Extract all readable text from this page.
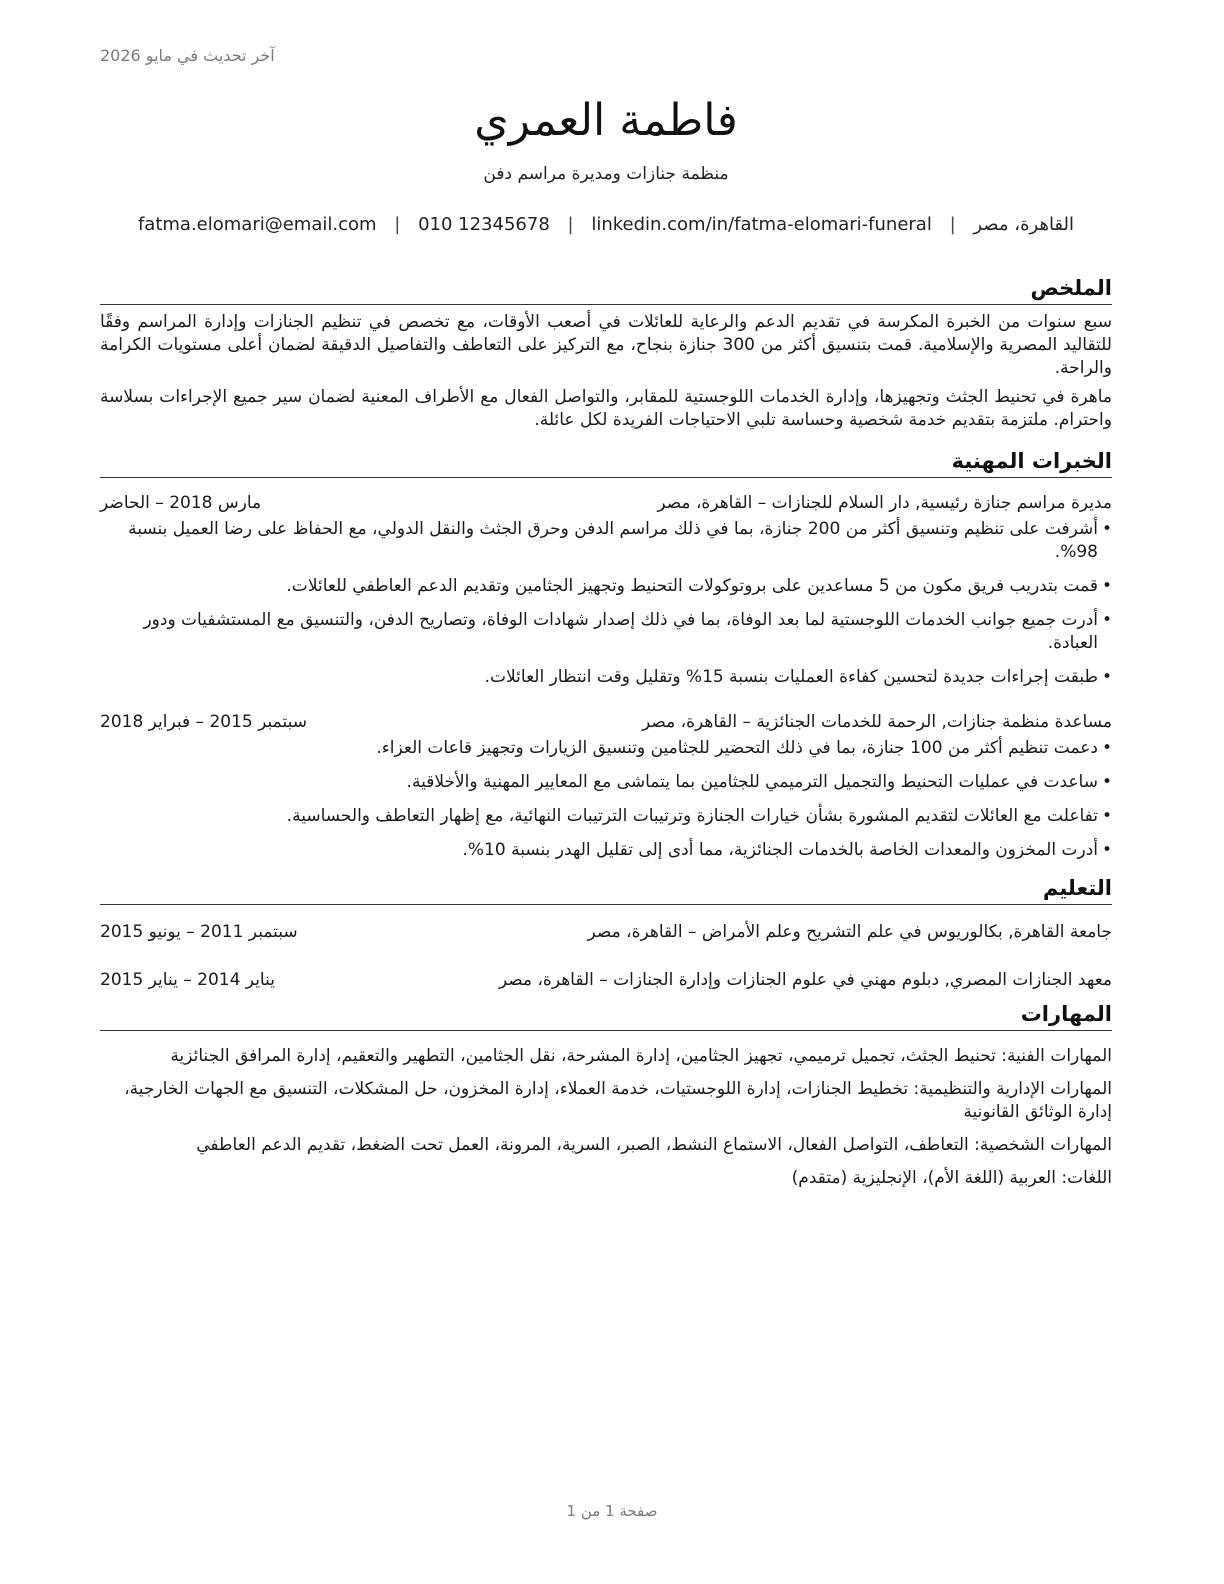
آخر تحديث في مايو 2026
فاطمة العمري
منظمة جنازات ومديرة مراسم دفن
القاهرة، مصر | fatma.elomari@email.com | 010 12345678 | linkedin.com/in/fatma-elomari-funeral
الملخص

سبع سنوات من الخبرة المكرسة في تقديم الدعم والرعاية للعائلات في أصعب الأوقات، مع تخصص في تنظيم الجنازات وإدارة المراسم وفقًا للتقاليد المصرية والإسلامية. قمت بتنسيق أكثر من 300 جنازة بنجاح، مع التركيز على التعاطف والتفاصيل الدقيقة لضمان أعلى مستويات الكرامة والراحة.

ماهرة في تحنيط الجثث وتجهيزها، وإدارة الخدمات اللوجستية للمقابر، والتواصل الفعال مع الأطراف المعنية لضمان سير جميع الإجراءات بسلاسة واحترام. ملتزمة بتقديم خدمة شخصية وحساسة تلبي الاحتياجات الفريدة لكل عائلة.

الخبرات المهنية
مديرة مراسم جنازة رئيسية, دار السلام للجنازات – القاهرة، مصر
مارس 2018 – الحاضر
• أشرفت على تنظيم وتنسيق أكثر من 200 جنازة، بما في ذلك مراسم الدفن وحرق الجثث والنقل الدولي، مع الحفاظ على رضا العميل بنسبة 98%.
• قمت بتدريب فريق مكون من 5 مساعدين على بروتوكولات التحنيط وتجهيز الجثامين وتقديم الدعم العاطفي للعائلات.
• أدرت جميع جوانب الخدمات اللوجستية لما بعد الوفاة، بما في ذلك إصدار شهادات الوفاة، وتصاريح الدفن، والتنسيق مع المستشفيات ودور العبادة.
• طبقت إجراءات جديدة لتحسين كفاءة العمليات بنسبة 15% وتقليل وقت انتظار العائلات.
مساعدة منظمة جنازات, الرحمة للخدمات الجنائزية – القاهرة، مصر
سبتمبر 2015 – فبراير 2018
• دعمت تنظيم أكثر من 100 جنازة، بما في ذلك التحضير للجثامين وتنسيق الزيارات وتجهيز قاعات العزاء.
• ساعدت في عمليات التحنيط والتجميل الترميمي للجثامين بما يتماشى مع المعايير المهنية والأخلاقية.
• تفاعلت مع العائلات لتقديم المشورة بشأن خيارات الجنازة وترتيبات الترتيبات النهائية، مع إظهار التعاطف والحساسية.
• أدرت المخزون والمعدات الخاصة بالخدمات الجنائزية، مما أدى إلى تقليل الهدر بنسبة 10%.
التعليم
جامعة القاهرة, بكالوريوس في علم التشريح وعلم الأمراض – القاهرة، مصر
سبتمبر 2011 – يونيو 2015
معهد الجنازات المصري, دبلوم مهني في علوم الجنازات وإدارة الجنازات – القاهرة، مصر
يناير 2014 – يناير 2015
المهارات
المهارات الفنية: تحنيط الجثث، تجميل ترميمي، تجهيز الجثامين، إدارة المشرحة، نقل الجثامين، التطهير والتعقيم، إدارة المرافق الجنائزية
المهارات الإدارية والتنظيمية: تخطيط الجنازات، إدارة اللوجستيات، خدمة العملاء، إدارة المخزون، حل المشكلات، التنسيق مع الجهات الخارجية، إدارة الوثائق القانونية
المهارات الشخصية: التعاطف، التواصل الفعال، الاستماع النشط، الصبر، السرية، المرونة، العمل تحت الضغط، تقديم الدعم العاطفي
اللغات: العربية (اللغة الأم)، الإنجليزية (متقدم)
صفحة 1 من 1
